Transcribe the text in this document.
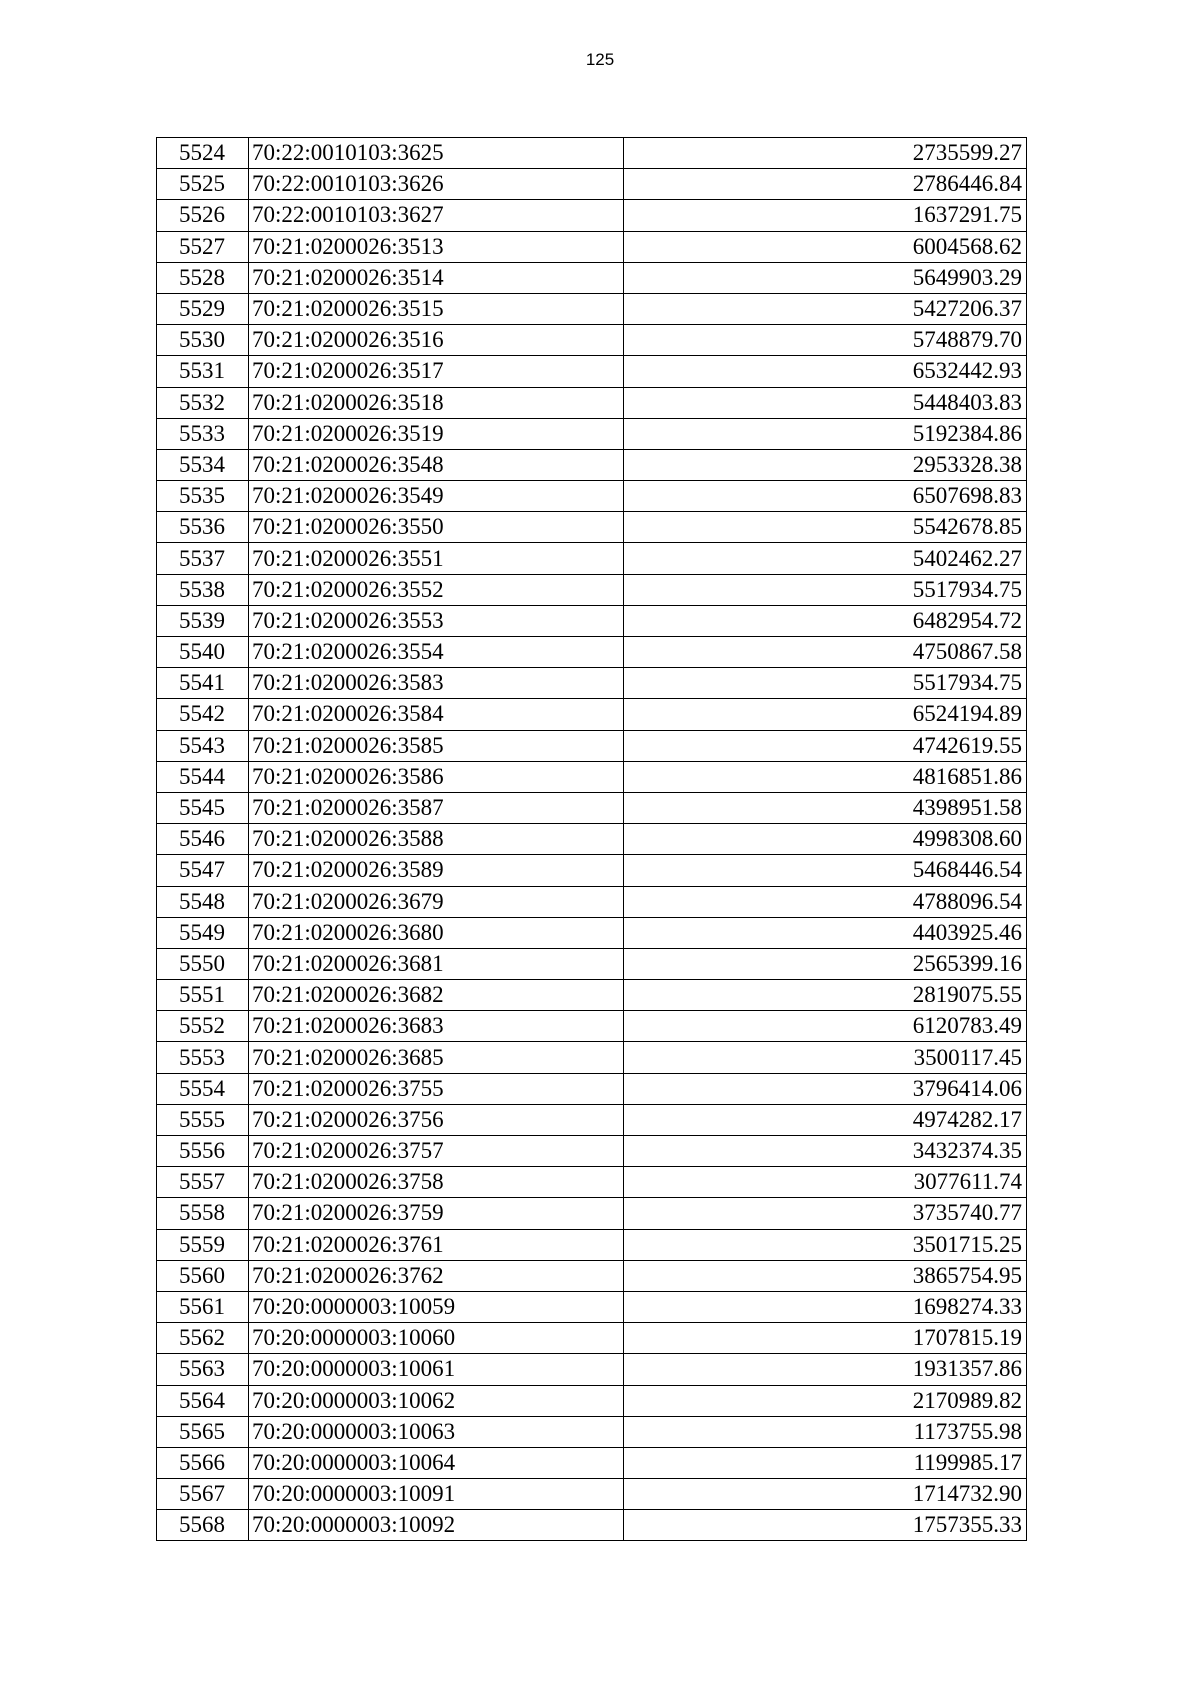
125
5524	70:22:0010103:3625	2735599.27
5525	70:22:0010103:3626	2786446.84
5526	70:22:0010103:3627	1637291.75
5527	70:21:0200026:3513	6004568.62
5528	70:21:0200026:3514	5649903.29
5529	70:21:0200026:3515	5427206.37
5530	70:21:0200026:3516	5748879.70
5531	70:21:0200026:3517	6532442.93
5532	70:21:0200026:3518	5448403.83
5533	70:21:0200026:3519	5192384.86
5534	70:21:0200026:3548	2953328.38
5535	70:21:0200026:3549	6507698.83
5536	70:21:0200026:3550	5542678.85
5537	70:21:0200026:3551	5402462.27
5538	70:21:0200026:3552	5517934.75
5539	70:21:0200026:3553	6482954.72
5540	70:21:0200026:3554	4750867.58
5541	70:21:0200026:3583	5517934.75
5542	70:21:0200026:3584	6524194.89
5543	70:21:0200026:3585	4742619.55
5544	70:21:0200026:3586	4816851.86
5545	70:21:0200026:3587	4398951.58
5546	70:21:0200026:3588	4998308.60
5547	70:21:0200026:3589	5468446.54
5548	70:21:0200026:3679	4788096.54
5549	70:21:0200026:3680	4403925.46
5550	70:21:0200026:3681	2565399.16
5551	70:21:0200026:3682	2819075.55
5552	70:21:0200026:3683	6120783.49
5553	70:21:0200026:3685	3500117.45
5554	70:21:0200026:3755	3796414.06
5555	70:21:0200026:3756	4974282.17
5556	70:21:0200026:3757	3432374.35
5557	70:21:0200026:3758	3077611.74
5558	70:21:0200026:3759	3735740.77
5559	70:21:0200026:3761	3501715.25
5560	70:21:0200026:3762	3865754.95
5561	70:20:0000003:10059	1698274.33
5562	70:20:0000003:10060	1707815.19
5563	70:20:0000003:10061	1931357.86
5564	70:20:0000003:10062	2170989.82
5565	70:20:0000003:10063	1173755.98
5566	70:20:0000003:10064	1199985.17
5567	70:20:0000003:10091	1714732.90
5568	70:20:0000003:10092	1757355.33
